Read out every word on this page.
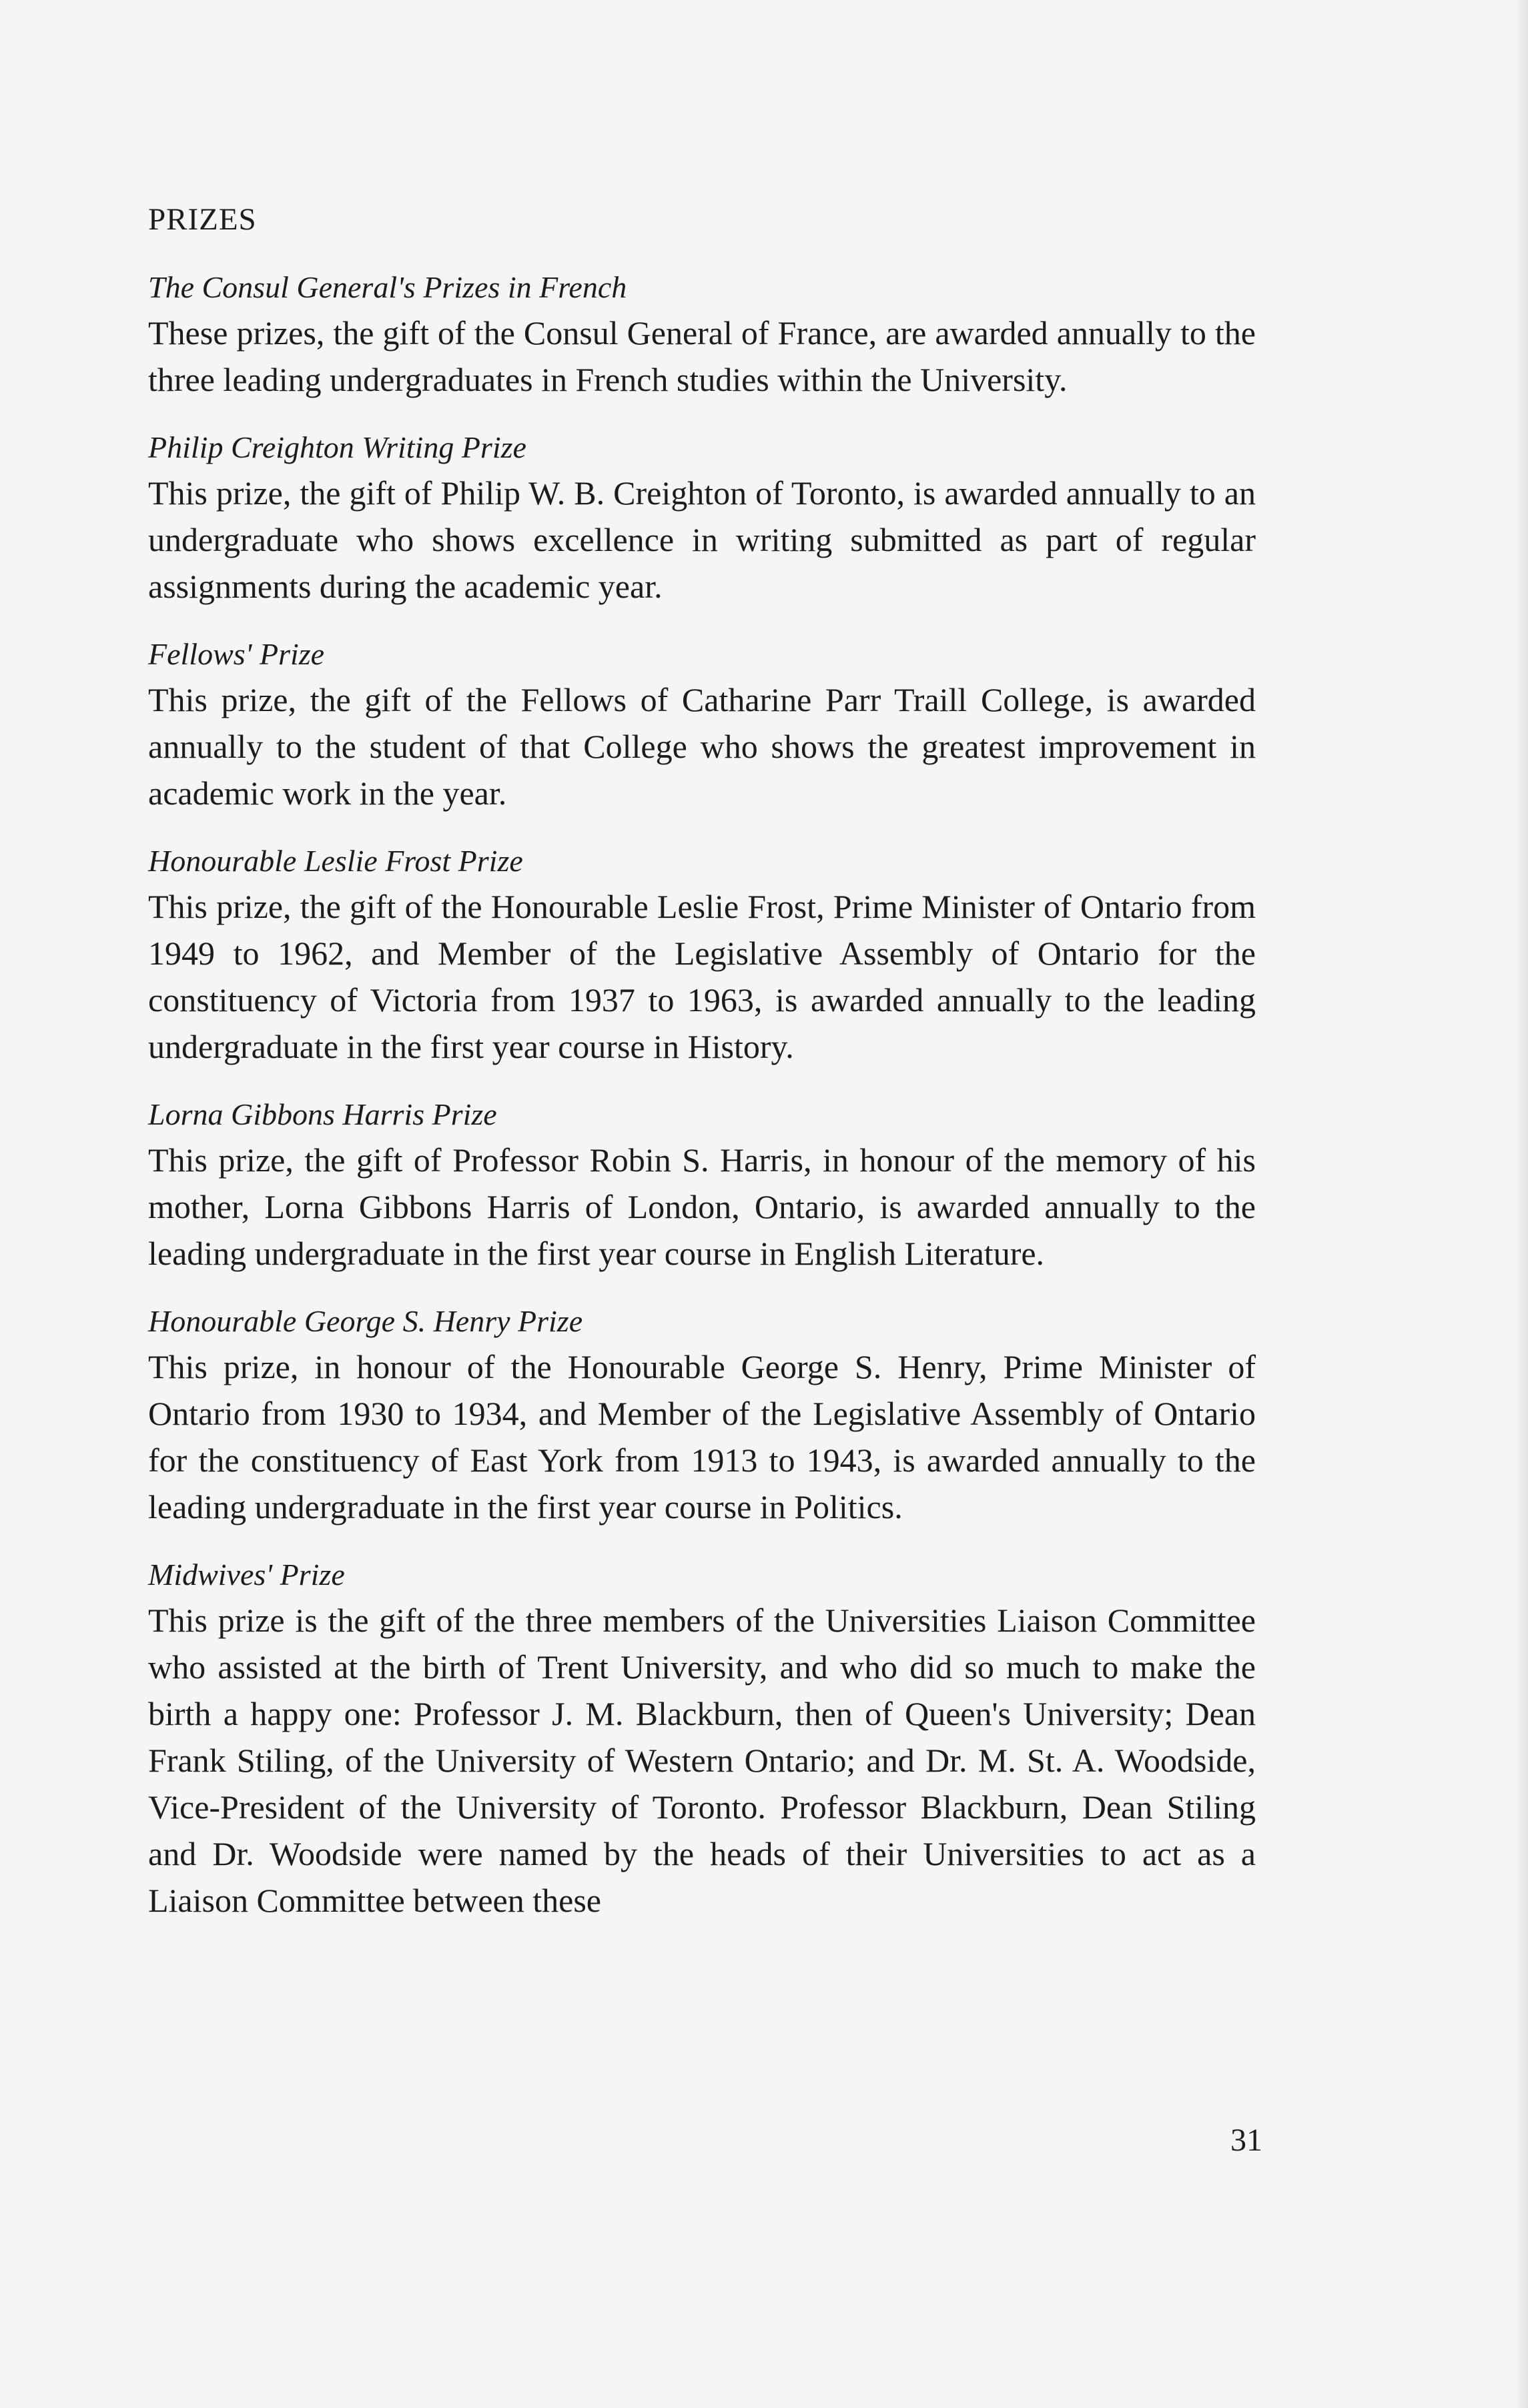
PRIZES
The Consul General's Prizes in French

These prizes, the gift of the Consul General of France, are awarded annually to the three leading undergraduates in French studies within the University.

Philip Creighton Writing Prize

This prize, the gift of Philip W. B. Creighton of Toronto, is awarded annually to an undergraduate who shows excellence in writing submitted as part of regular assignments during the academic year.

Fellows' Prize

This prize, the gift of the Fellows of Catharine Parr Traill College, is awarded annually to the student of that College who shows the greatest improvement in academic work in the year.

Honourable Leslie Frost Prize

This prize, the gift of the Honourable Leslie Frost, Prime Minister of Ontario from 1949 to 1962, and Member of the Legislative Assembly of Ontario for the constituency of Victoria from 1937 to 1963, is awarded annually to the leading undergraduate in the first year course in History.

Lorna Gibbons Harris Prize

This prize, the gift of Professor Robin S. Harris, in honour of the memory of his mother, Lorna Gibbons Harris of London, Ontario, is awarded annually to the leading undergraduate in the first year course in English Literature.

Honourable George S. Henry Prize

This prize, in honour of the Honourable George S. Henry, Prime Minister of Ontario from 1930 to 1934, and Member of the Legislative Assembly of Ontario for the constituency of East York from 1913 to 1943, is awarded annually to the leading undergraduate in the first year course in Politics.

Midwives' Prize

This prize is the gift of the three members of the Universities Liaison Committee who assisted at the birth of Trent University, and who did so much to make the birth a happy one: Professor J. M. Blackburn, then of Queen's University; Dean Frank Stiling, of the University of Western Ontario; and Dr. M. St. A. Woodside, Vice-President of the University of Toronto. Professor Blackburn, Dean Stiling and Dr. Woodside were named by the heads of their Universities to act as a Liaison Committee between these

31
